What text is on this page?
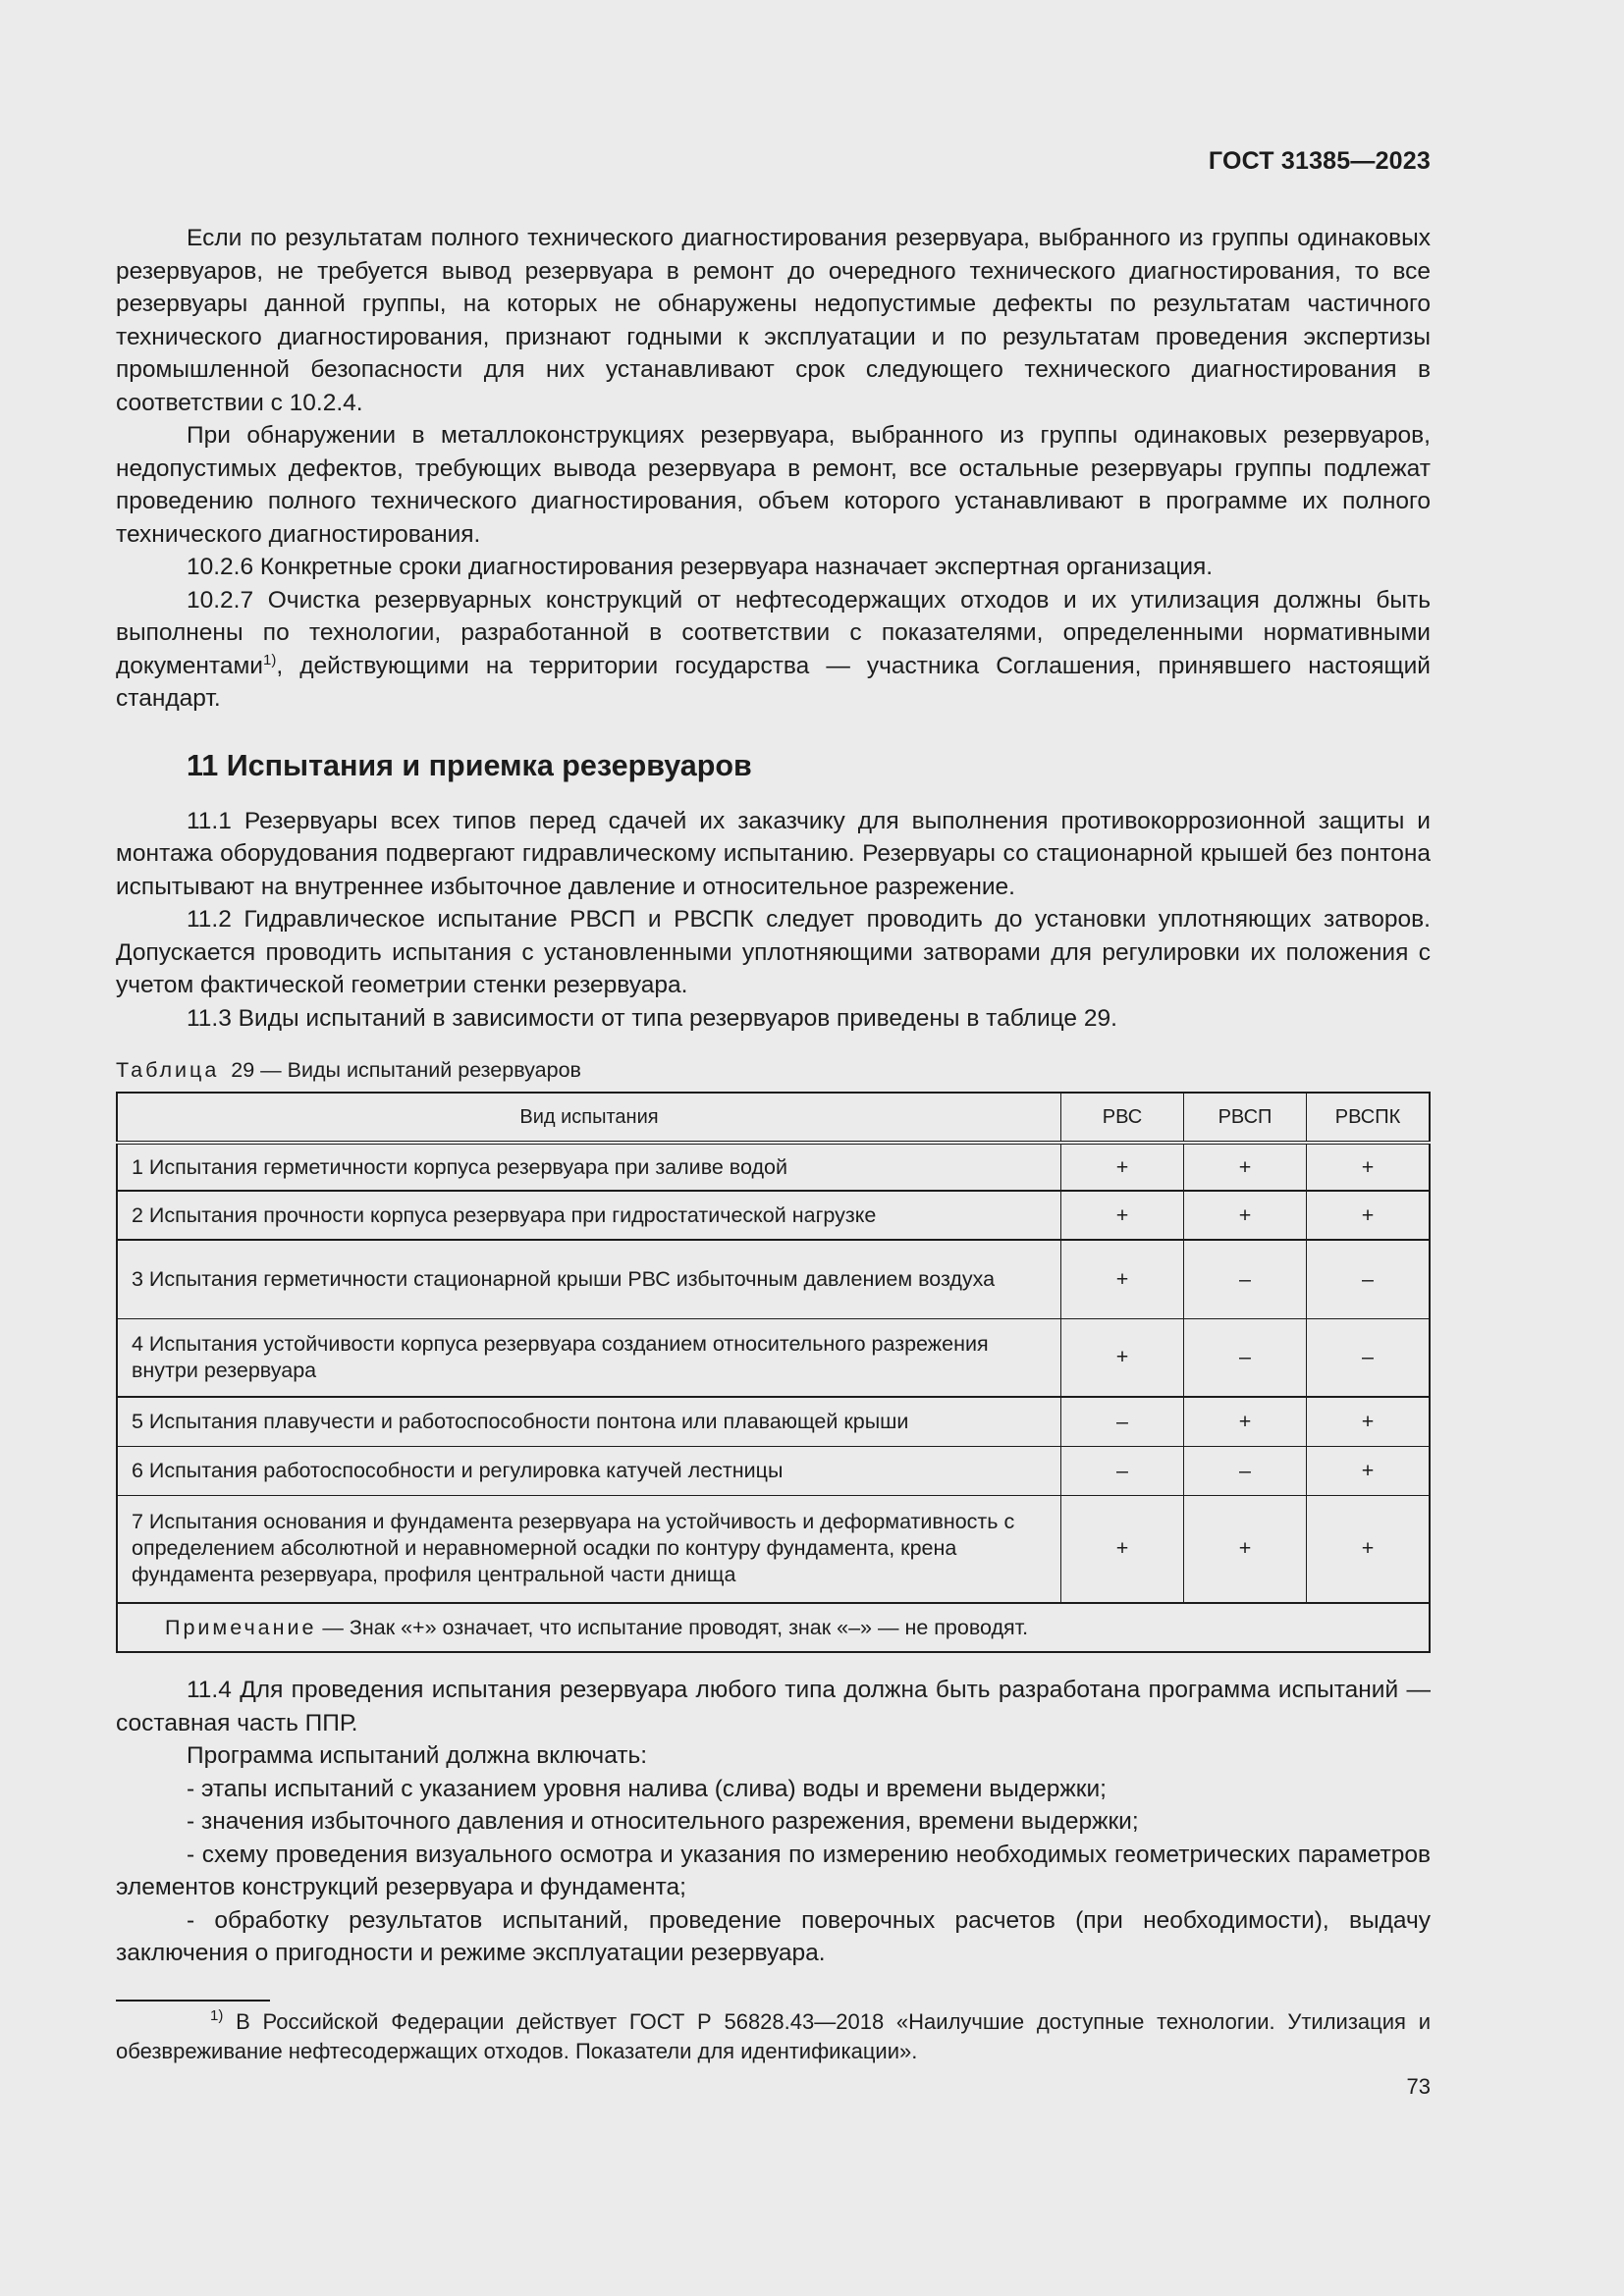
ГОСТ 31385—2023

Если по результатам полного технического диагностирования резервуара, выбранного из группы одинаковых резервуаров, не требуется вывод резервуара в ремонт до очередного технического диагностирования, то все резервуары данной группы, на которых не обнаружены недопустимые дефекты по результатам частичного технического диагностирования, признают годными к эксплуатации и по результатам проведения экспертизы промышленной безопасности для них устанавливают срок следующего технического диагностирования в соответствии с 10.2.4.

При обнаружении в металлоконструкциях резервуара, выбранного из группы одинаковых резервуаров, недопустимых дефектов, требующих вывода резервуара в ремонт, все остальные резервуары группы подлежат проведению полного технического диагностирования, объем которого устанавливают в программе их полного технического диагностирования.

10.2.6 Конкретные сроки диагностирования резервуара назначает экспертная организация.

10.2.7 Очистка резервуарных конструкций от нефтесодержащих отходов и их утилизация должны быть выполнены по технологии, разработанной в соответствии с показателями, определенными нормативными документами$^{1)}$, действующими на территории государства — участника Соглашения, принявшего настоящий стандарт.

11 Испытания и приемка резервуаров

11.1 Резервуары всех типов перед сдачей их заказчику для выполнения противокоррозионной защиты и монтажа оборудования подвергают гидравлическому испытанию. Резервуары со стационарной крышей без понтона испытывают на внутреннее избыточное давление и относительное разрежение.

11.2 Гидравлическое испытание РВСП и РВСПК следует проводить до установки уплотняющих затворов. Допускается проводить испытания с установленными уплотняющими затворами для регулировки их положения с учетом фактической геометрии стенки резервуара.

11.3 Виды испытаний в зависимости от типа резервуаров приведены в таблице 29.

Таблица 29 — Виды испытаний резервуаров
Вид испытания	РВС	РВСП	РВСПК
1 Испытания герметичности корпуса резервуара при заливе водой	+	+	+
2 Испытания прочности корпуса резервуара при гидростатической нагрузке	+	+	+
3 Испытания герметичности стационарной крыши РВС избыточным давлением воздуха	+	–	–
4 Испытания устойчивости корпуса резервуара созданием относительного разрежения внутри резервуара	+	–	–
5 Испытания плавучести и работоспособности понтона или плавающей крыши	–	+	+
6 Испытания работоспособности и регулировка катучей лестницы	–	–	+
7 Испытания основания и фундамента резервуара на устойчивость и деформативность с определением абсолютной и неравномерной осадки по контуру фундамента, крена фундамента резервуара, профиля центральной части днища	+	+	+
Примечание — Знак «+» означает, что испытание проводят, знак «–» — не проводят.			

11.4 Для проведения испытания резервуара любого типа должна быть разработана программа испытаний — составная часть ППР.

Программа испытаний должна включать:

- этапы испытаний с указанием уровня налива (слива) воды и времени выдержки;

- значения избыточного давления и относительного разрежения, времени выдержки;

- схему проведения визуального осмотра и указания по измерению необходимых геометрических параметров элементов конструкций резервуара и фундамента;

- обработку результатов испытаний, проведение поверочных расчетов (при необходимости), выдачу заключения о пригодности и режиме эксплуатации резервуара.

$^{1)}$ В Российской Федерации действует ГОСТ Р 56828.43—2018 «Наилучшие доступные технологии. Утилизация и обезвреживание нефтесодержащих отходов. Показатели для идентификации».

73
